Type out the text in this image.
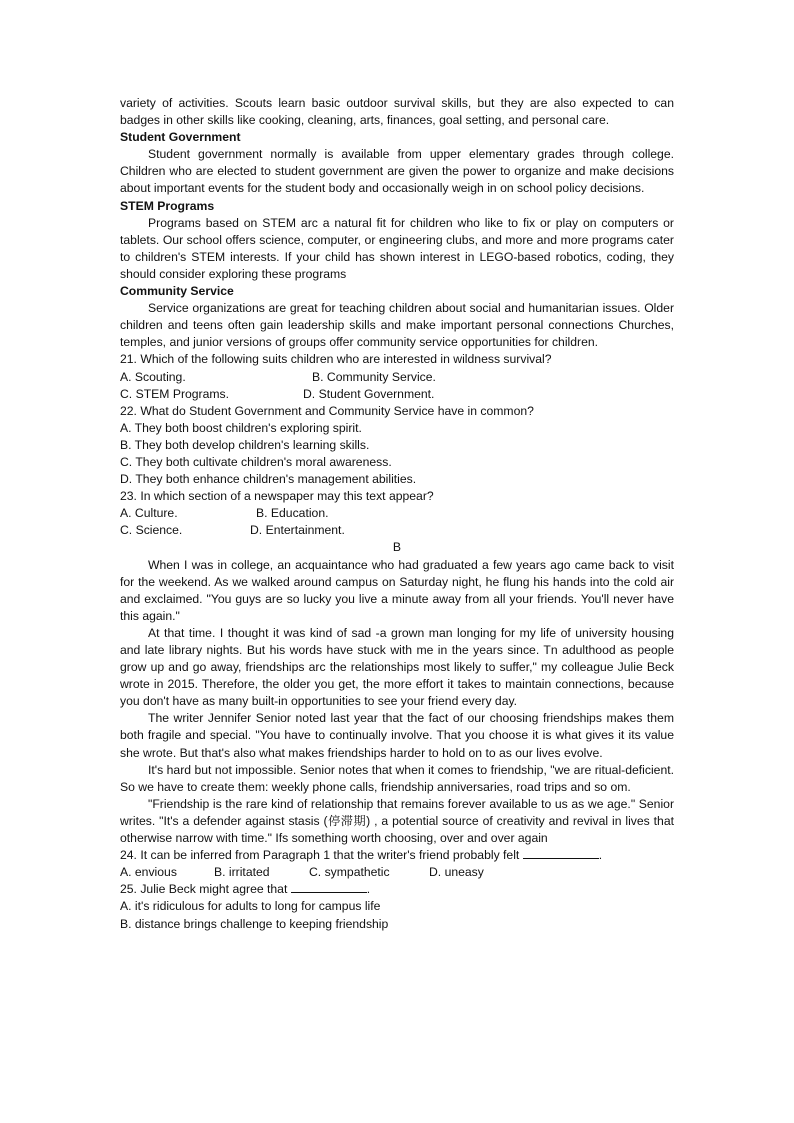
variety of activities. Scouts learn basic outdoor survival skills, but they are also expected to can badges in other skills like cooking, cleaning, arts, finances, goal setting, and personal care.

Student Government

Student government normally is available from upper elementary grades through college. Children who are elected to student government are given the power to organize and make decisions about important events for the student body and occasionally weigh in on school policy decisions.

STEM Programs

Programs based on STEM arc a natural fit for children who like to fix or play on computers or tablets. Our school offers science, computer, or engineering clubs, and more and more programs cater to children's STEM interests. If your child has shown interest in LEGO-based robotics, coding, they should consider exploring these programs

Community Service

Service organizations are great for teaching children about social and humanitarian issues. Older children and teens often gain leadership skills and make important personal connections Churches, temples, and junior versions of groups offer community service opportunities for children.

21. Which of the following suits children who are interested in wildness survival?

A. Scouting.	B. Community Service.
C. STEM Programs.	D. Student Government.

22. What do Student Government and Community Service have in common?

A. They both boost children's exploring spirit.

B. They both develop children's learning skills.

C. They both cultivate children's moral awareness.

D. They both enhance children's management abilities.

23. In which section of a newspaper may this text appear?

A. Culture.	B. Education.
C. Science.	D. Entertainment.

B

When I was in college, an acquaintance who had graduated a few years ago came back to visit for the weekend. As we walked around campus on Saturday night, he flung his hands into the cold air and exclaimed. "You guys are so lucky you live a minute away from all your friends. You'll never have this again."

At that time. I thought it was kind of sad -a grown man longing for my life of university housing and late library nights. But his words have stuck with me in the years since. Tn adulthood as people grow up and go away, friendships arc the relationships most likely to suffer," my colleague Julie Beck wrote in 2015. Therefore, the older you get, the more effort it takes to maintain connections, because you don't have as many built-in opportunities to see your friend every day.

The writer Jennifer Senior noted last year that the fact of our choosing friendships makes them both fragile and special. "You have to continually involve. That you choose it is what gives it its value she wrote. But that's also what makes friendships harder to hold on to as our lives evolve.

It's hard but not impossible. Senior notes that when it comes to friendship, "we are ritual-deficient. So we have to create them: weekly phone calls, friendship anniversaries, road trips and so om.

"Friendship is the rare kind of relationship that remains forever available to us as we age." Senior writes. "It's a defender against stasis (停滞期) , a potential source of creativity and revival in lives that otherwise narrow with time." Ifs something worth choosing, over and over again

24. It can be inferred from Paragraph 1 that the writer's friend probably felt	.

A. envious	B. irritated	C. sympathetic	D. uneasy

25. Julie Beck might agree that	.

A. it's ridiculous for adults to long for campus life

B. distance brings challenge to keeping friendship
